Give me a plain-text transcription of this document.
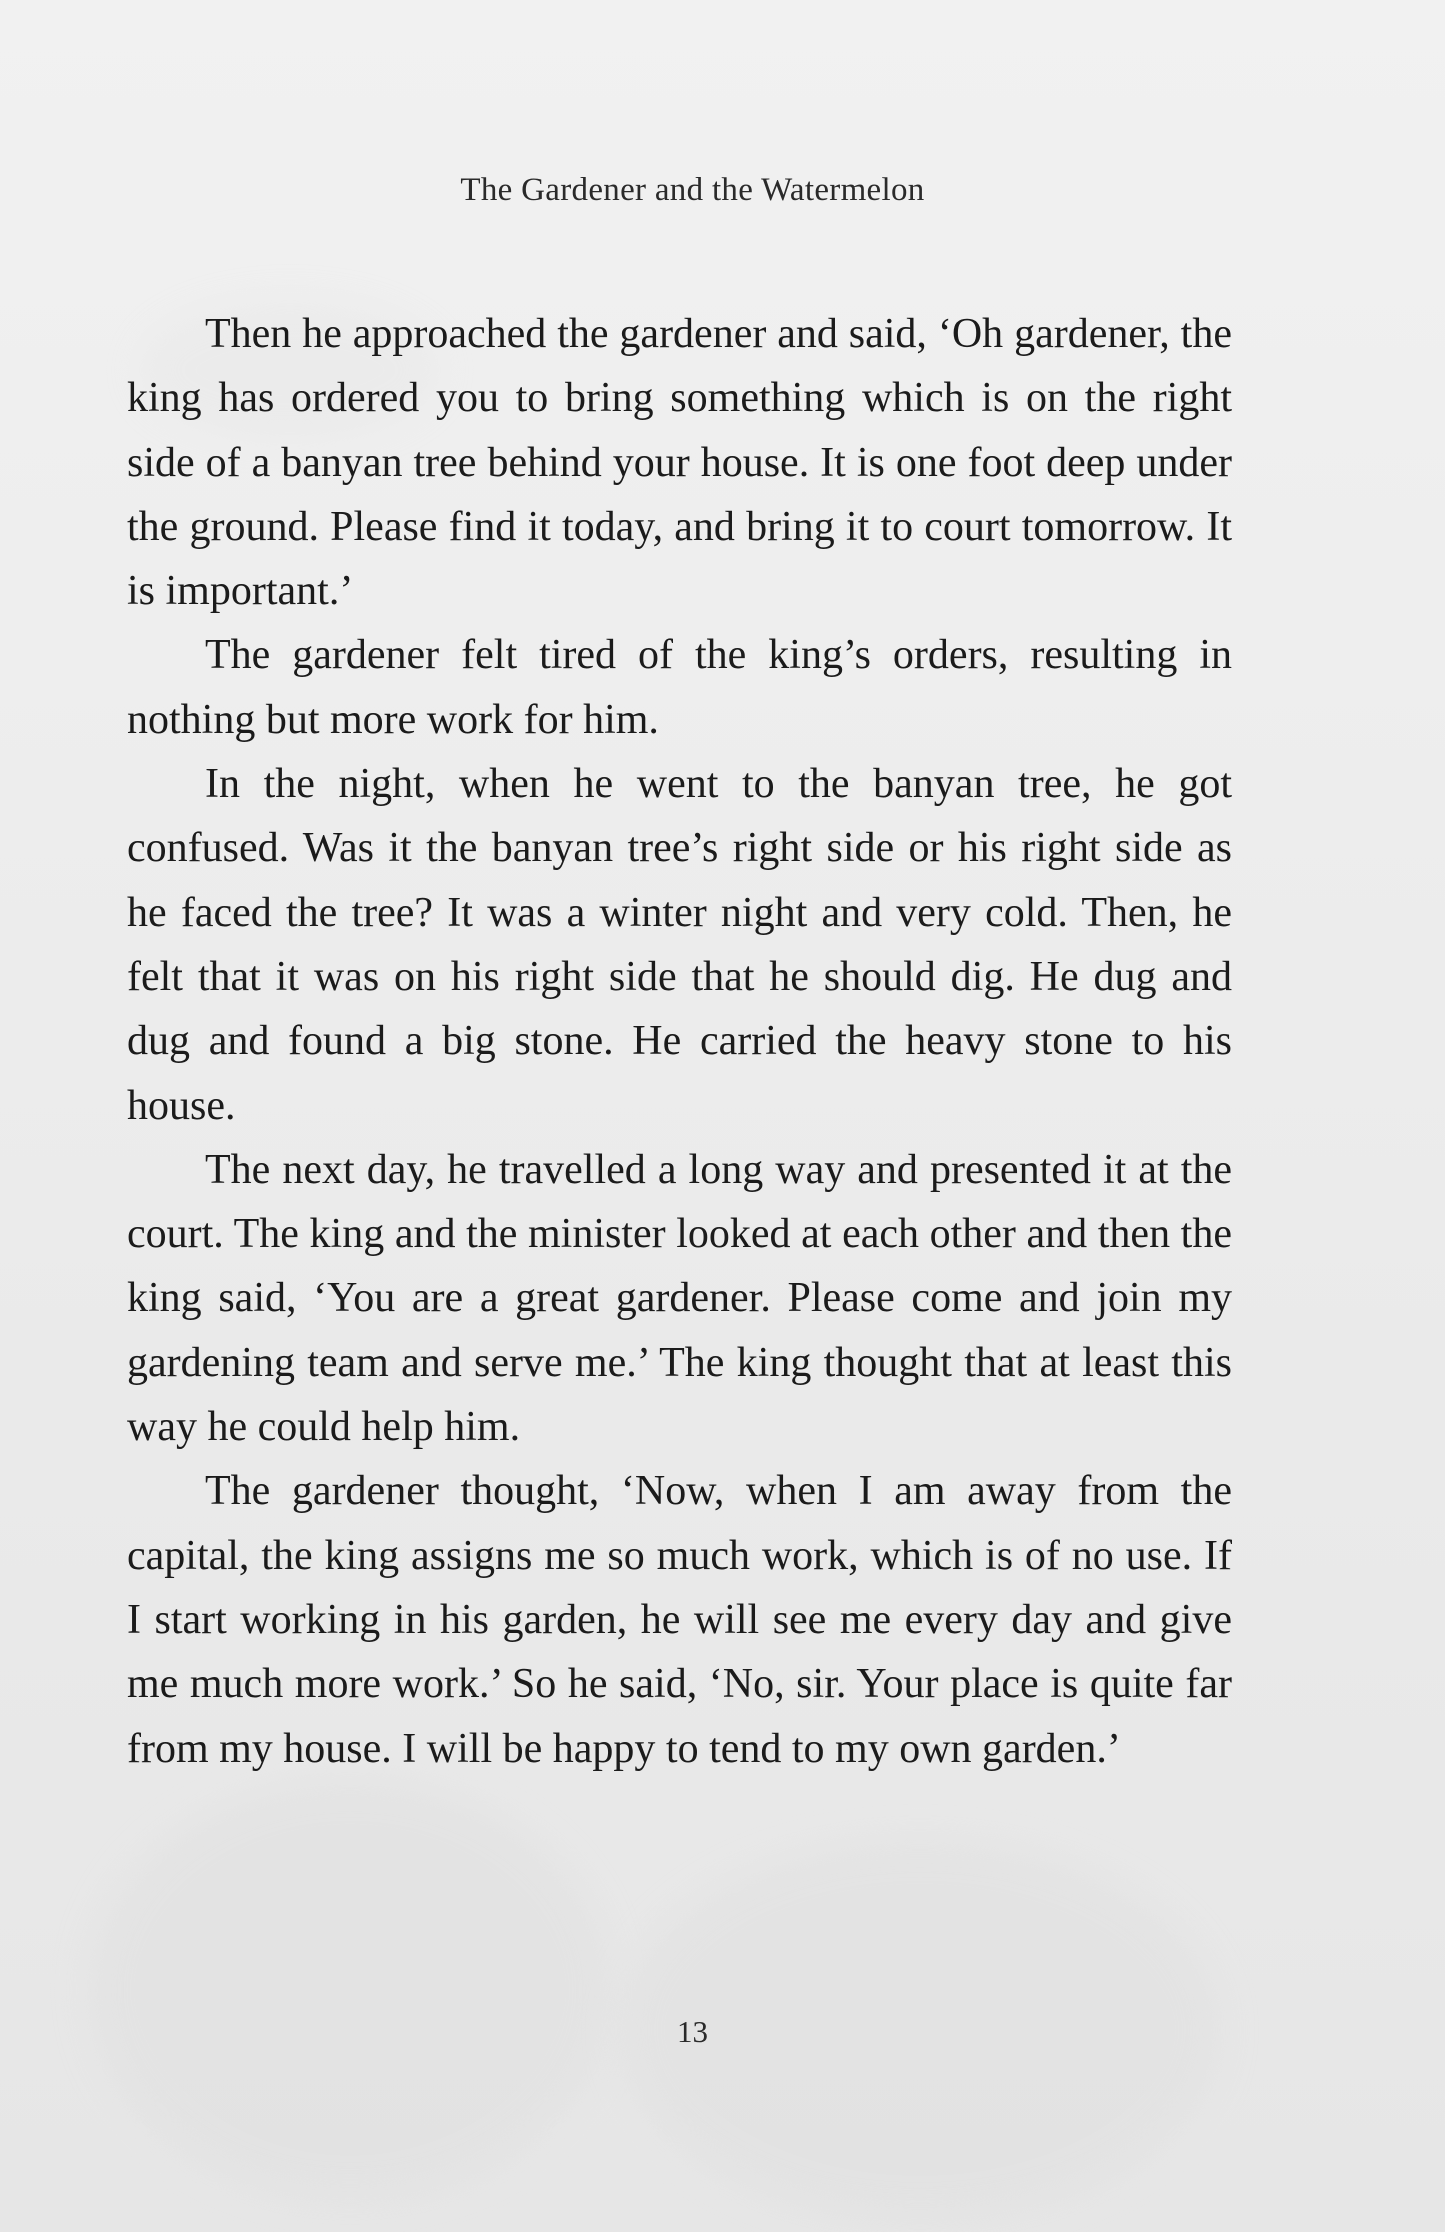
The Gardener and the Watermelon

Then he approached the gardener and said, ‘Oh gardener, the king has ordered you to bring something which is on the right side of a banyan tree behind your house. It is one foot deep under the ground. Please find it today, and bring it to court tomorrow. It is important.’

The gardener felt tired of the king’s orders, resulting in nothing but more work for him.

In the night, when he went to the banyan tree, he got confused. Was it the banyan tree’s right side or his right side as he faced the tree? It was a winter night and very cold. Then, he felt that it was on his right side that he should dig. He dug and dug and found a big stone. He carried the heavy stone to his house.

The next day, he travelled a long way and presented it at the court. The king and the minister looked at each other and then the king said, ‘You are a great gardener. Please come and join my gardening team and serve me.’ The king thought that at least this way he could help him.

The gardener thought, ‘Now, when I am away from the capital, the king assigns me so much work, which is of no use. If I start working in his garden, he will see me every day and give me much more work.’ So he said, ‘No, sir. Your place is quite far from my house. I will be happy to tend to my own garden.’

13
